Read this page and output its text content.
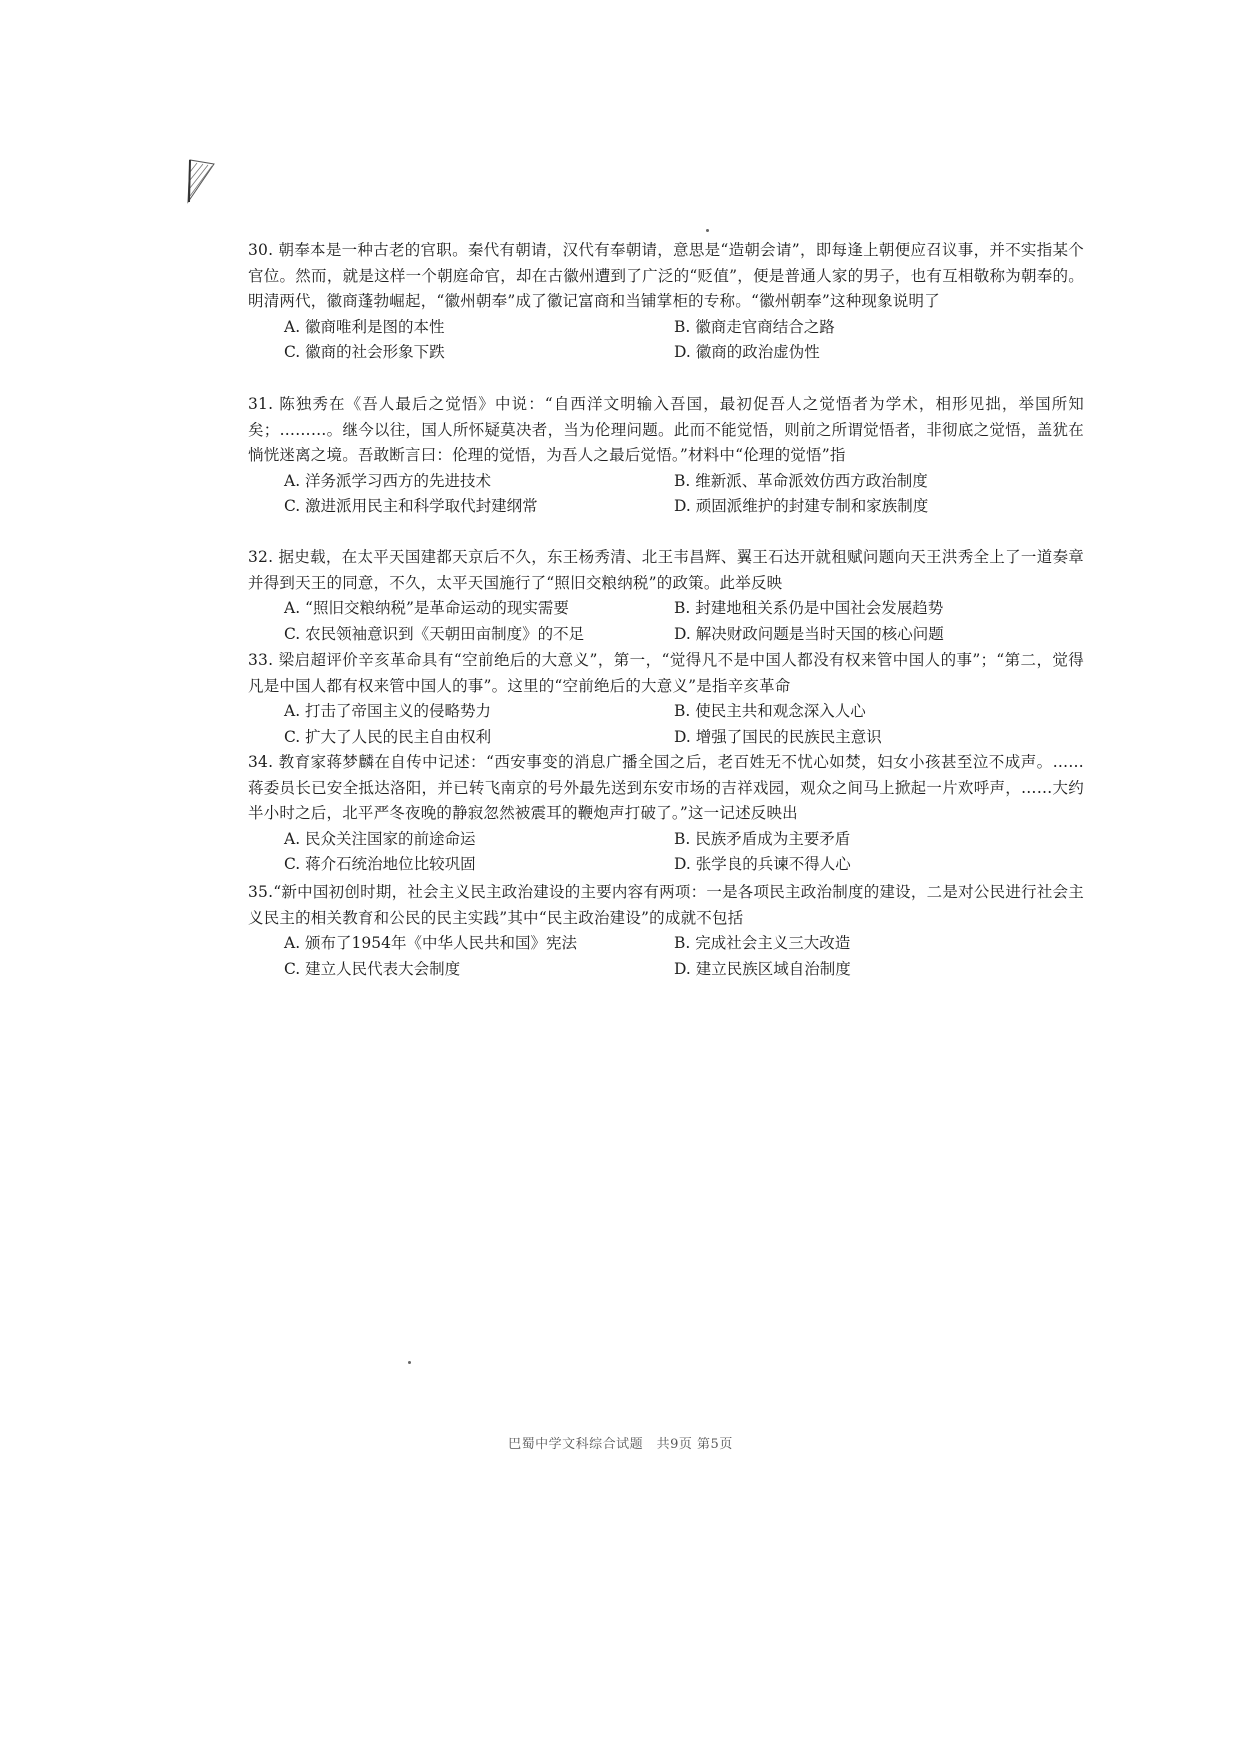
30. 朝奉本是一种古老的官职。秦代有朝请，汉代有奉朝请，意思是“造朝会请”，即每逢上朝便应召议事，并不实指某个官位。然而，就是这样一个朝庭命官，却在古徽州遭到了广泛的“贬值”，便是普通人家的男子，也有互相敬称为朝奉的。明清两代，徽商蓬勃崛起，“徽州朝奉”成了徽记富商和当铺掌柜的专称。“徽州朝奉”这种现象说明了

A. 徽商唯利是图的本性	B. 徽商走官商结合之路
C. 徽商的社会形象下跌	D. 徽商的政治虚伪性

31. 陈独秀在《吾人最后之觉悟》中说：“自西洋文明输入吾国，最初促吾人之觉悟者为学术，相形见拙，举国所知矣；………。继今以往，国人所怀疑莫决者，当为伦理问题。此而不能觉悟，则前之所谓觉悟者，非彻底之觉悟，盖犹在惝恍迷离之境。吾敢断言曰：伦理的觉悟，为吾人之最后觉悟。”材料中“伦理的觉悟”指

A. 洋务派学习西方的先进技术	B. 维新派、革命派效仿西方政治制度
C. 激进派用民主和科学取代封建纲常	D. 顽固派维护的封建专制和家族制度

32. 据史载，在太平天国建都天京后不久，东王杨秀清、北王韦昌辉、翼王石达开就租赋问题向天王洪秀全上了一道奏章并得到天王的同意，不久，太平天国施行了“照旧交粮纳税”的政策。此举反映

A. “照旧交粮纳税”是革命运动的现实需要	B. 封建地租关系仍是中国社会发展趋势
C. 农民领袖意识到《天朝田亩制度》的不足	D. 解决财政问题是当时天国的核心问题

33. 梁启超评价辛亥革命具有“空前绝后的大意义”，第一，“觉得凡不是中国人都没有权来管中国人的事”；“第二，觉得凡是中国人都有权来管中国人的事”。这里的“空前绝后的大意义”是指辛亥革命

A. 打击了帝国主义的侵略势力	B. 使民主共和观念深入人心
C. 扩大了人民的民主自由权利	D. 增强了国民的民族民主意识

34. 教育家蒋梦麟在自传中记述：“西安事变的消息广播全国之后，老百姓无不忧心如焚，妇女小孩甚至泣不成声。……蒋委员长已安全抵达洛阳，并已转飞南京的号外最先送到东安市场的吉祥戏园，观众之间马上掀起一片欢呼声，……大约半小时之后，北平严冬夜晚的静寂忽然被震耳的鞭炮声打破了。”这一记述反映出

A. 民众关注国家的前途命运	B. 民族矛盾成为主要矛盾
C. 蒋介石统治地位比较巩固	D. 张学良的兵谏不得人心

35.“新中国初创时期，社会主义民主政治建设的主要内容有两项：一是各项民主政治制度的建设，二是对公民进行社会主义民主的相关教育和公民的民主实践”其中“民主政治建设”的成就不包括

A. 颁布了1954年《中华人民共和国》宪法	B. 完成社会主义三大改造
C. 建立人民代表大会制度	D. 建立民族区域自治制度
巴蜀中学文科综合试题　共9页 第5页
